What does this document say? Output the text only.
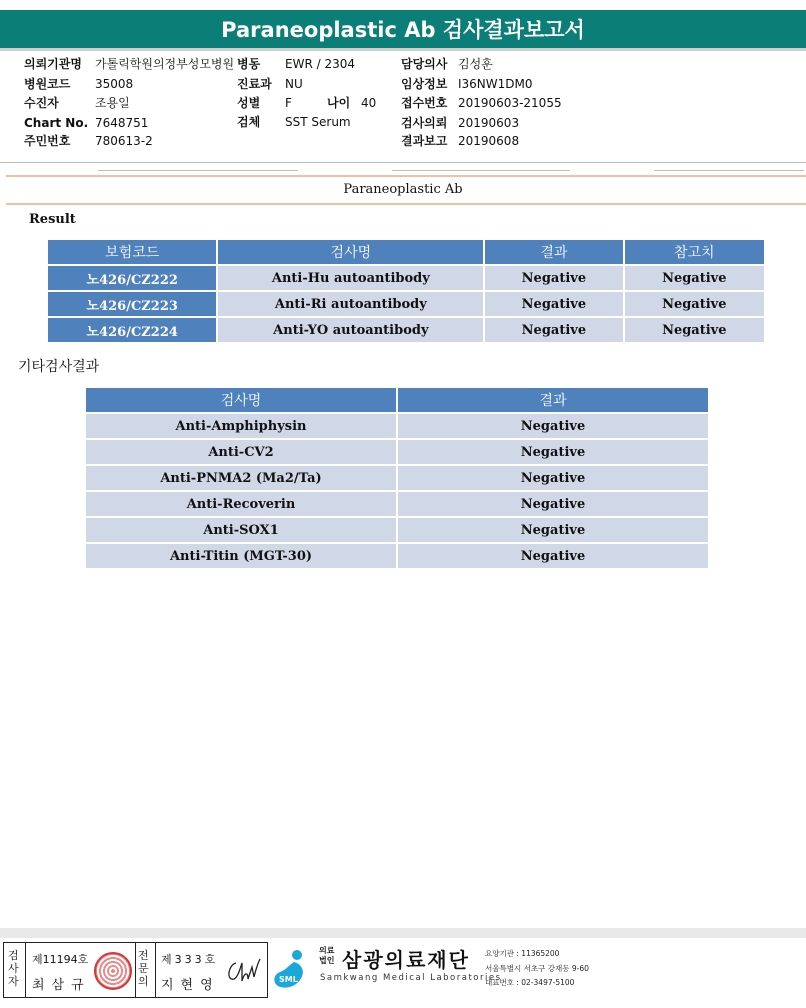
Paraneoplastic Ab 검사결과보고서
의뢰기관명 가톨릭학원의정부성모병원 병동 EWR / 2304	담당의사 김성훈
병원코드 35008	진료과 NU	임상정보 I36NW1DM0
수진자	조용일	성별 F	나이 40 접수번호 20190603-21055
Chart No. 7648751	검체 SST Serum	검사의뢰 20190603
주민번호 780613-2	결과보고 20190608
Paraneoplastic Ab
Result
보험코드	검사명	결과	참고치
노426/CZ222	Anti-Hu autoantibody	Negative	Negative
노426/CZ223	Anti-Ri autoantibody	Negative	Negative
노426/CZ224	Anti-YO autoantibody	Negative	Negative
기타검사결과
검사명	결과
Anti-Amphiphysin	Negative
Anti-CV2	Negative
Anti-PNMA2 (Ma2/Ta)	Negative
Anti-Recoverin	Negative
Anti-SOX1	Negative
Anti-Titin (MGT-30)	Negative
검사자
제11194호
최삼규
전문의
제333호
지현영	SML
의료
법인 삼광의료재단
Samkwang Medical Laboratories
요양기관 : 11365200
서울특별시 서초구 강재동 9-60
대표번호 : 02-3497-5100
